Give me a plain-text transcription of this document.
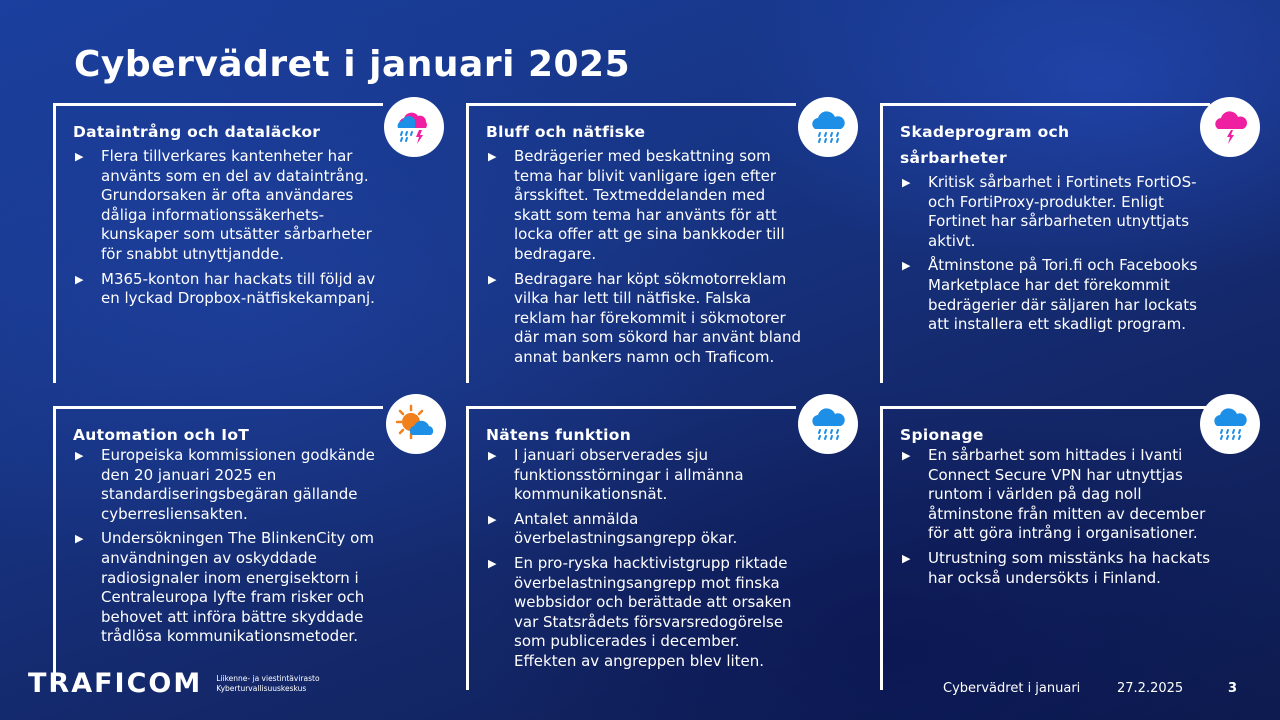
Cybervädret i januari 2025
Dataintrång och dataläckor
▶ Flera tillverkares kantenheter har använts som en del av dataintrång. Grundorsaken är ofta användares dåliga informationssäkerhets-kunskaper som utsätter sårbarheter för snabbt utnyttjandde.
▶ M365-konton har hackats till följd av en lyckad Dropbox-nätfiskekampanj.
Bluff och nätfiske
▶ Bedrägerier med beskattning som tema har blivit vanligare igen efter årsskiftet. Textmeddelanden med skatt som tema har använts för att locka offer att ge sina bankkoder till bedragare.
▶ Bedragare har köpt sökmotorreklam vilka har lett till nätfiske. Falska reklam har förekommit i sökmotorer där man som sökord har använt bland annat bankers namn och Traficom.
Skadeprogram och sårbarheter
▶ Kritisk sårbarhet i Fortinets FortiOS- och FortiProxy-produkter. Enligt Fortinet har sårbarheten utnyttjats aktivt.
▶ Åtminstone på Tori.fi och Facebooks Marketplace har det förekommit bedrägerier där säljaren har lockats att installera ett skadligt program.
Automation och IoT
▶ Europeiska kommissionen godkände den 20 januari 2025 en standardiseringsbegäran gällande cyberresliensakten.
▶ Undersökningen The BlinkenCity om användningen av oskyddade radiosignaler inom energisektorn i Centraleuropa lyfte fram risker och behovet att införa bättre skyddade trådlösa kommunikationsmetoder.
Nätens funktion
▶ I januari observerades sju funktionsstörningar i allmänna kommunikationsnät.
▶ Antalet anmälda överbelastningsangrepp ökar.
▶ En pro-ryska hacktivistgrupp riktade överbelastningsangrepp mot finska webbsidor och berättade att orsaken var Statsrådets försvarsredogörelse som publicerades i december. Effekten av angreppen blev liten.
Spionage
▶ En sårbarhet som hittades i Ivanti Connect Secure VPN har utnyttjas runtom i världen på dag noll åtminstone från mitten av december för att göra intrång i organisationer.
▶ Utrustning som misstänks ha hackats har också undersökts i Finland.
TRAFICOM Liikenne- ja viestintävirasto
Kyberturvallisuuskeskus	Cybervädret i januari	27.2.2025	3
